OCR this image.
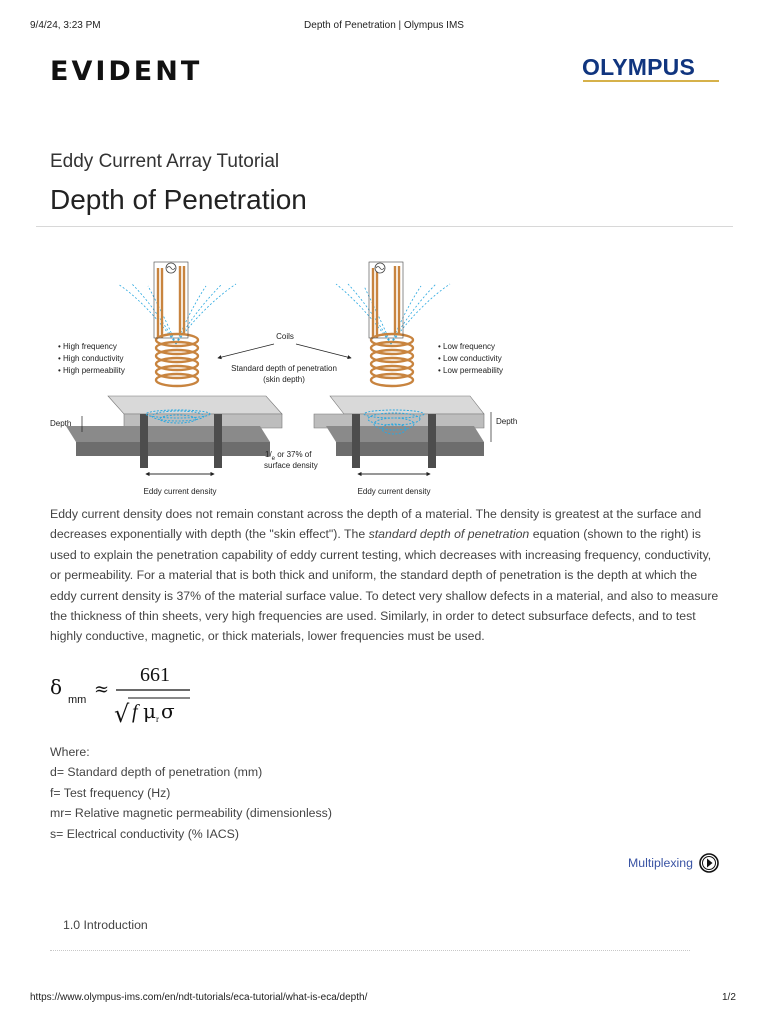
9/4/24, 3:23 PM	Depth of Penetration | Olympus IMS
EVIDENT	OLYMPUS
Eddy Current Array Tutorial
Depth of Penetration
• High frequency
• High conductivity
• High permeability
• Low frequency
• Low conductivity
• Low permeability
Coils
Standard depth of penetration
(skin depth)
Depth	Depth
$1/_e$ or 37% of
surface density
Eddy current density	Eddy current density

Eddy current density does not remain constant across the depth of a material. The density is greatest at the surface and decreases exponentially with depth (the "skin effect"). The standard depth of penetration equation (shown to the right) is used to explain the penetration capability of eddy current testing, which decreases with increasing frequency, conductivity, or permeability. For a material that is both thick and uniform, the standard depth of penetration is the depth at which the eddy current density is 37% of the material surface value. To detect very shallow defects in a material, and also to measure the thickness of thin sheets, very high frequencies are used. Similarly, in order to detect subsurface defects, and to test highly conductive, magnetic, or thick materials, lower frequencies must be used.

δ
mm ≈
661
√ f μ r σ
Where:
d= Standard depth of penetration (mm)
f= Test frequency (Hz)
mr= Relative magnetic permeability (dimensionless)
s= Electrical conductivity (% IACS)
Multiplexing
1.0 Introduction
https://www.olympus-ims.com/en/ndt-tutorials/eca-tutorial/what-is-eca/depth/	1/2
